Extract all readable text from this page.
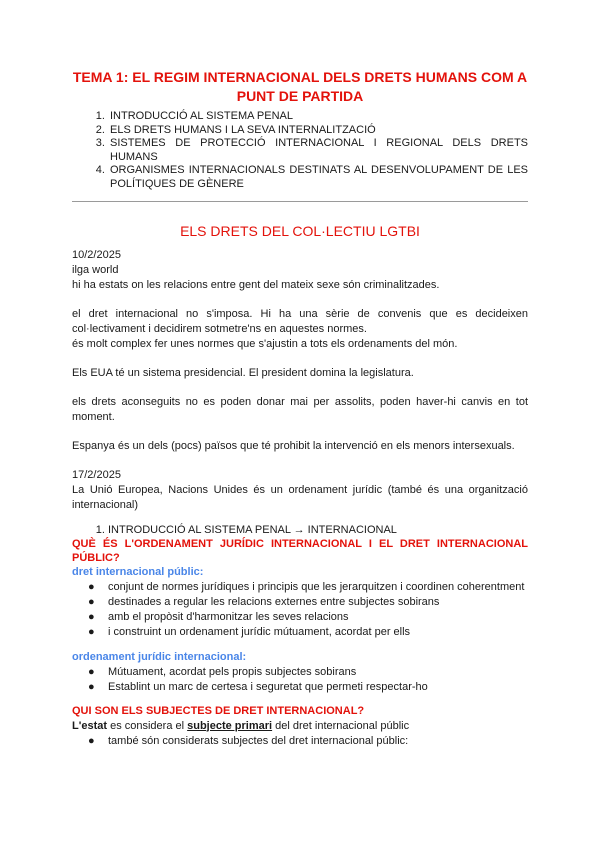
TEMA 1: EL REGIM INTERNACIONAL DELS DRETS HUMANS COM A PUNT DE PARTIDA
1. INTRODUCCIÓ AL SISTEMA PENAL
2. ELS DRETS HUMANS I LA SEVA INTERNALITZACIÓ
3. SISTEMES DE PROTECCIÓ INTERNACIONAL I REGIONAL DELS DRETS HUMANS
4. ORGANISMES INTERNACIONALS DESTINATS AL DESENVOLUPAMENT DE LES POLÍTIQUES DE GÈNERE
ELS DRETS DEL COL·LECTIU LGTBI

10/2/2025

ilga world

hi ha estats on les relacions entre gent del mateix sexe són criminalitzades.

el dret internacional no s'imposa. Hi ha una sèrie de convenis que es decideixen col·lectivament i decidirem sotmetre'ns en aquestes normes.

és molt complex fer unes normes que s'ajustin a tots els ordenaments del món.

Els EUA té un sistema presidencial. El president domina la legislatura.

els drets aconseguits no es poden donar mai per assolits, poden haver-hi canvis en tot moment.

Espanya és un dels (pocs) països que té prohibit la intervenció en els menors intersexuals.

17/2/2025

La Unió Europea, Nacions Unides és un ordenament jurídic (també és una organització internacional)

1. INTRODUCCIÓ AL SISTEMA PENAL → INTERNACIONAL
QUÈ ÉS L'ORDENAMENT JURÍDIC INTERNACIONAL I EL DRET INTERNACIONAL PÚBLIC?
dret internacional públic:
● conjunt de normes jurídiques i principis que les jerarquitzen i coordinen coherentment
● destinades a regular les relacions externes entre subjectes sobirans
● amb el propòsit d'harmonitzar les seves relacions
● i construint un ordenament jurídic mútuament, acordat per ells
ordenament jurídic internacional:
● Mútuament, acordat pels propis subjectes sobirans
● Establint un marc de certesa i seguretat que permeti respectar-ho
QUI SON ELS SUBJECTES DE DRET INTERNACIONAL?

L'estat es considera el subjecte primari del dret internacional públic

● també són considerats subjectes del dret internacional públic:
